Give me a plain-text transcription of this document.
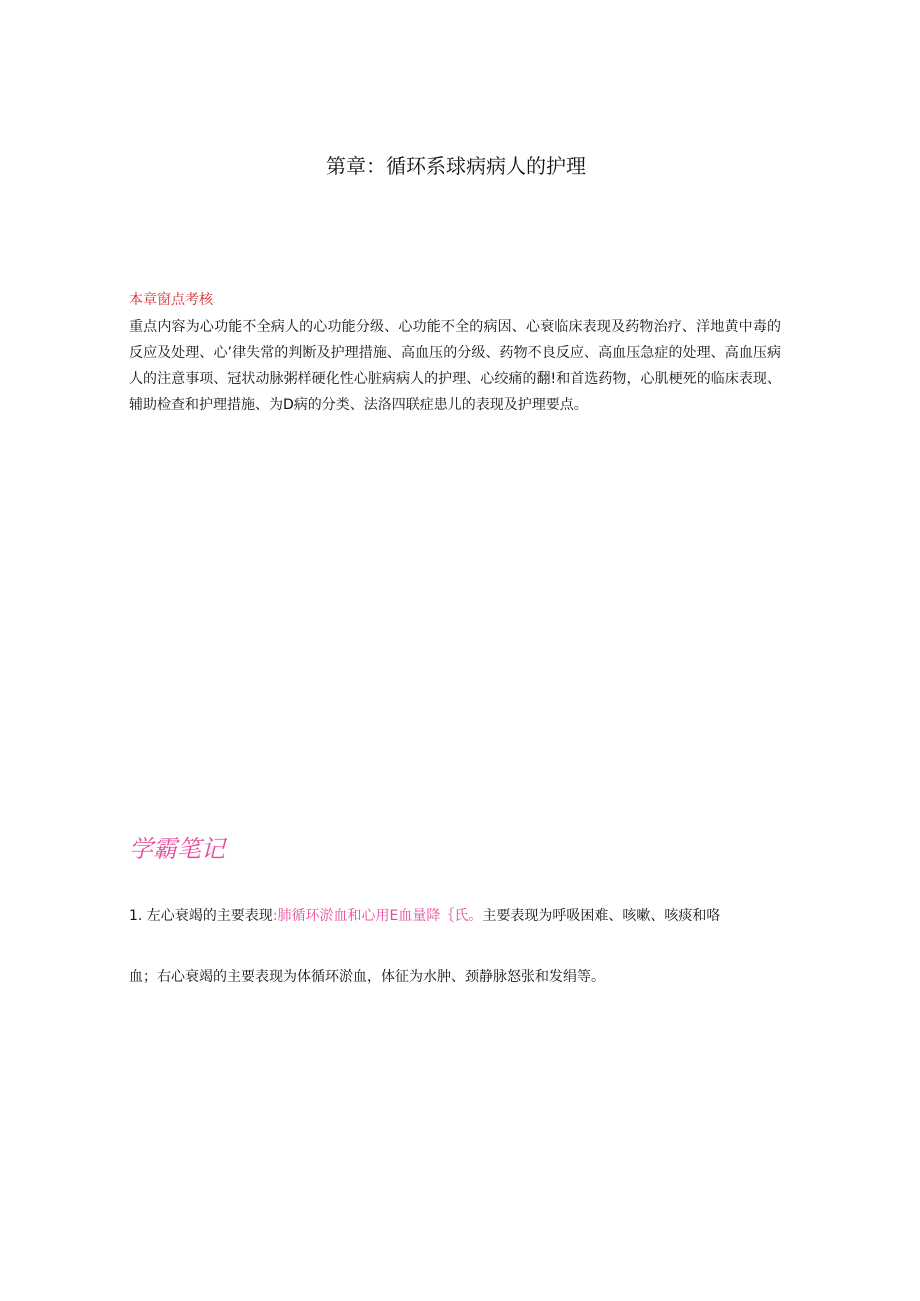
第章：循环系球病病人的护理
本章窗点考核
重点内容为心功能不全病人的心功能分级、心功能不全的病因、心衰临床表现及药物治疗、洋地黄中毒的反应及处理、心’律失常的判断及护理措施、高血压的分级、药物不良反应、高血压急症的处理、高血压病人的注意事项、冠状动脉粥样硬化性心脏病病人的护理、心绞痛的翻!和首选药物，心肌梗死的临床表现、辅助检查和护理措施、为D病的分类、法洛四联症患儿的表现及护理要点。
学霸笔记
1. 左心衰竭的主要表现:肺循环淤血和心用E血量降｛氏。主要表现为呼吸困难、咳嗽、咳痰和咯
血；右心衰竭的主要表现为体循环淤血，体征为水肿、颈静脉怒张和发绢等。
